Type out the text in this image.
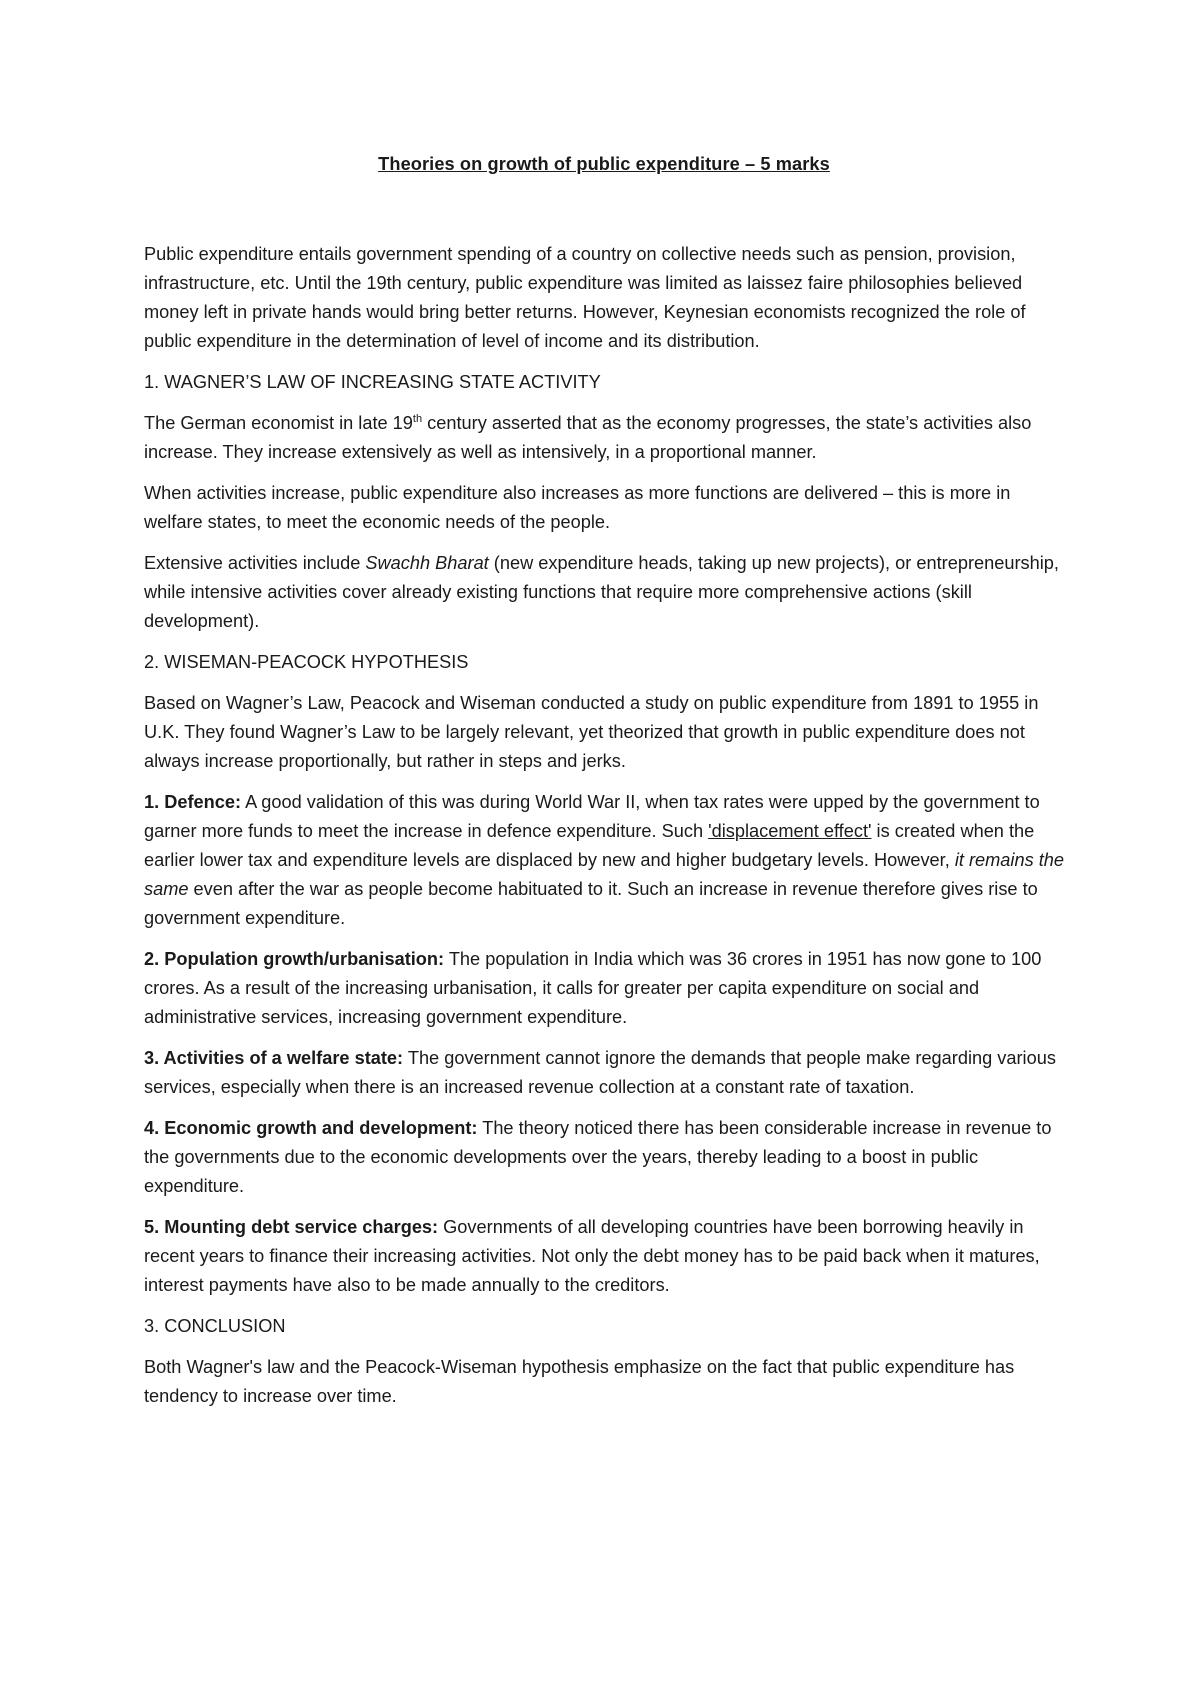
Theories on growth of public expenditure – 5 marks

Public expenditure entails government spending of a country on collective needs such as pension, provision, infrastructure, etc. Until the 19th century, public expenditure was limited as laissez faire philosophies believed money left in private hands would bring better returns. However, Keynesian economists recognized the role of public expenditure in the determination of level of income and its distribution.

1. WAGNER’S LAW OF INCREASING STATE ACTIVITY

The German economist in late 19th century asserted that as the economy progresses, the state’s activities also increase. They increase extensively as well as intensively, in a proportional manner.

When activities increase, public expenditure also increases as more functions are delivered – this is more in welfare states, to meet the economic needs of the people.

Extensive activities include Swachh Bharat (new expenditure heads, taking up new projects), or entrepreneurship, while intensive activities cover already existing functions that require more comprehensive actions (skill development).

2. WISEMAN-PEACOCK HYPOTHESIS

Based on Wagner’s Law, Peacock and Wiseman conducted a study on public expenditure from 1891 to 1955 in U.K. They found Wagner’s Law to be largely relevant, yet theorized that growth in public expenditure does not always increase proportionally, but rather in steps and jerks.

1. Defence: A good validation of this was during World War II, when tax rates were upped by the government to garner more funds to meet the increase in defence expenditure. Such 'displacement effect' is created when the earlier lower tax and expenditure levels are displaced by new and higher budgetary levels. However, it remains the same even after the war as people become habituated to it. Such an increase in revenue therefore gives rise to government expenditure.

2. Population growth/urbanisation: The population in India which was 36 crores in 1951 has now gone to 100 crores. As a result of the increasing urbanisation, it calls for greater per capita expenditure on social and administrative services, increasing government expenditure.

3. Activities of a welfare state: The government cannot ignore the demands that people make regarding various services, especially when there is an increased revenue collection at a constant rate of taxation.

4. Economic growth and development: The theory noticed there has been considerable increase in revenue to the governments due to the economic developments over the years, thereby leading to a boost in public expenditure.

5. Mounting debt service charges: Governments of all developing countries have been borrowing heavily in recent years to finance their increasing activities. Not only the debt money has to be paid back when it matures, interest payments have also to be made annually to the creditors.

3. CONCLUSION

Both Wagner's law and the Peacock-Wiseman hypothesis emphasize on the fact that public expenditure has tendency to increase over time.
